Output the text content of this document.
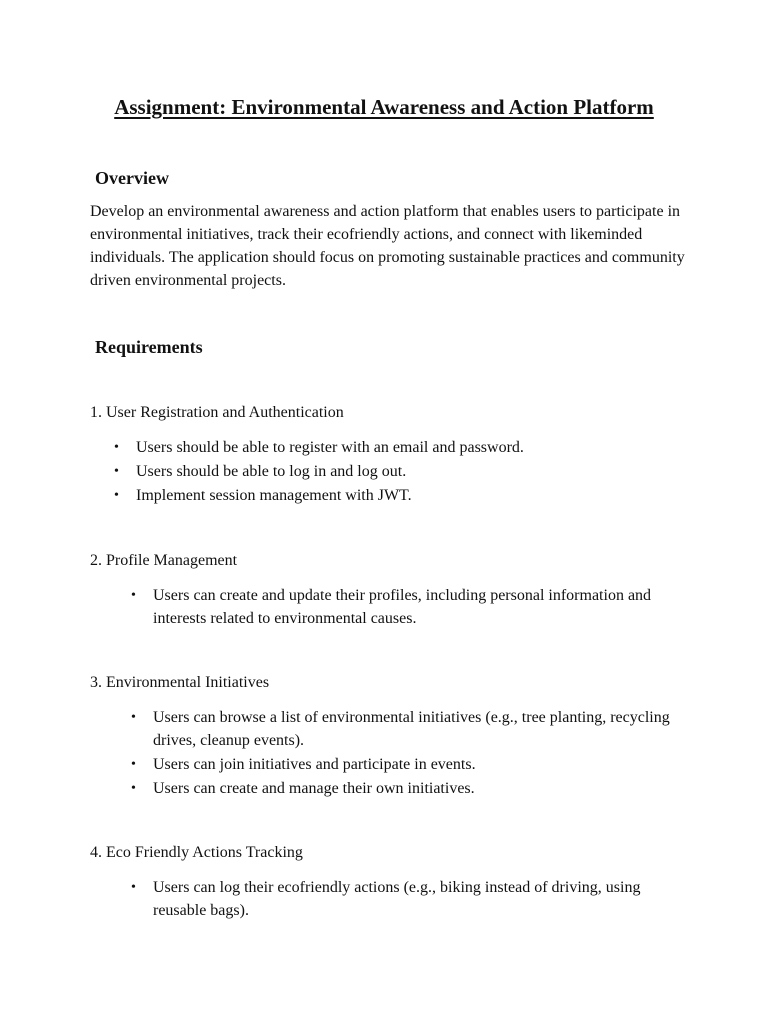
Assignment: Environmental Awareness and Action Platform
Overview

Develop an environmental awareness and action platform that enables users to participate in environmental initiatives, track their ecofriendly actions, and connect with likeminded individuals. The application should focus on promoting sustainable practices and community driven environmental projects.

Requirements
1. User Registration and Authentication
•	Users should be able to register with an email and password.
•	Users should be able to log in and log out.
•	Implement session management with JWT.
2. Profile Management
•	Users can create and update their profiles, including personal information and interests related to environmental causes.
3. Environmental Initiatives
•	Users can browse a list of environmental initiatives (e.g., tree planting, recycling drives, cleanup events).
•	Users can join initiatives and participate in events.
•	Users can create and manage their own initiatives.
4. Eco Friendly Actions Tracking
•	Users can log their ecofriendly actions (e.g., biking instead of driving, using reusable bags).
